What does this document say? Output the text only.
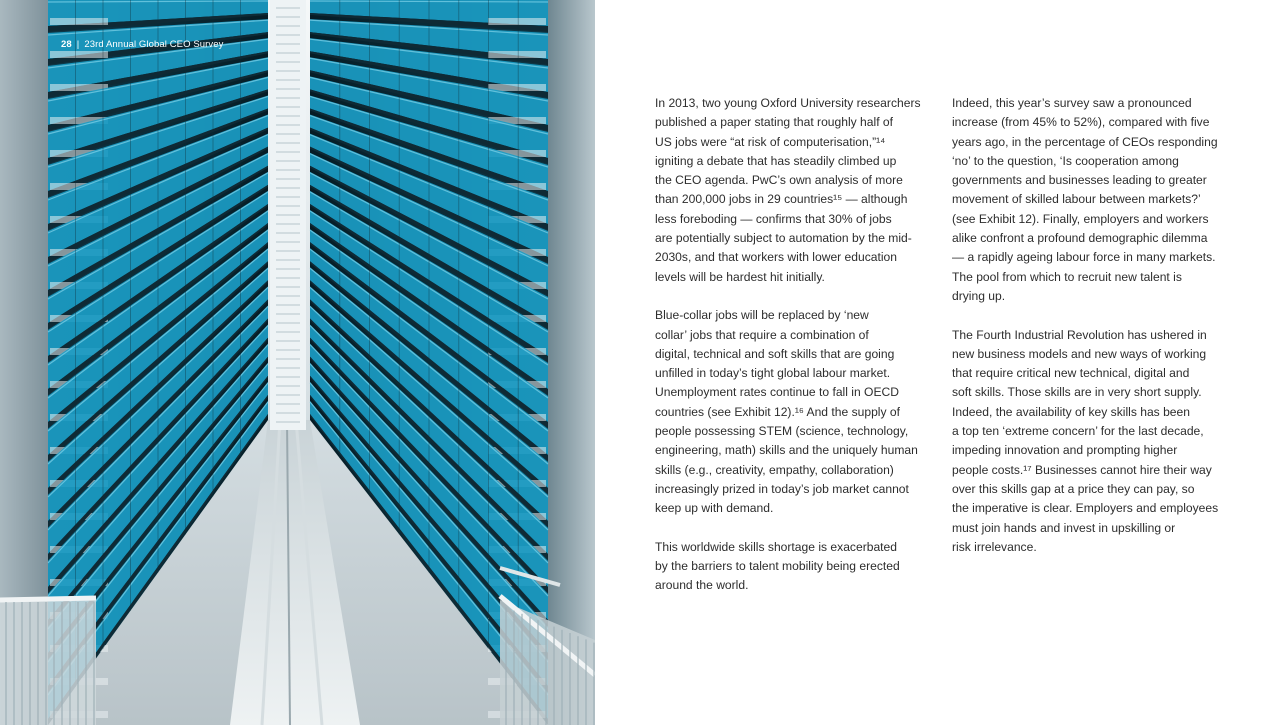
28 | 23rd Annual Global CEO Survey

In 2013, two young Oxford University researchers
published a paper stating that roughly half of
US jobs were “at risk of computerisation,”¹⁴
igniting a debate that has steadily climbed up
the CEO agenda. PwC’s own analysis of more
than 200,000 jobs in 29 countries¹⁵ — although
less foreboding — confirms that 30% of jobs
are potentially subject to automation by the mid-
2030s, and that workers with lower education
levels will be hardest hit initially.

Blue-collar jobs will be replaced by ‘new
collar’ jobs that require a combination of
digital, technical and soft skills that are going
unfilled in today’s tight global labour market.
Unemployment rates continue to fall in OECD
countries (see Exhibit 12).¹⁶ And the supply of
people possessing STEM (science, technology,
engineering, math) skills and the uniquely human
skills (e.g., creativity, empathy, collaboration)
increasingly prized in today’s job market cannot
keep up with demand.

This worldwide skills shortage is exacerbated
by the barriers to talent mobility being erected
around the world.

Indeed, this year’s survey saw a pronounced
increase (from 45% to 52%), compared with five
years ago, in the percentage of CEOs responding
‘no’ to the question, ‘Is cooperation among
governments and businesses leading to greater
movement of skilled labour between markets?’
(see Exhibit 12). Finally, employers and workers
alike confront a profound demographic dilemma
— a rapidly ageing labour force in many markets.
The pool from which to recruit new talent is
drying up.

The Fourth Industrial Revolution has ushered in
new business models and new ways of working
that require critical new technical, digital and
soft skills. Those skills are in very short supply.
Indeed, the availability of key skills has been
a top ten ‘extreme concern’ for the last decade,
impeding innovation and prompting higher
people costs.¹⁷ Businesses cannot hire their way
over this skills gap at a price they can pay, so
the imperative is clear. Employers and employees
must join hands and invest in upskilling or
risk irrelevance.
